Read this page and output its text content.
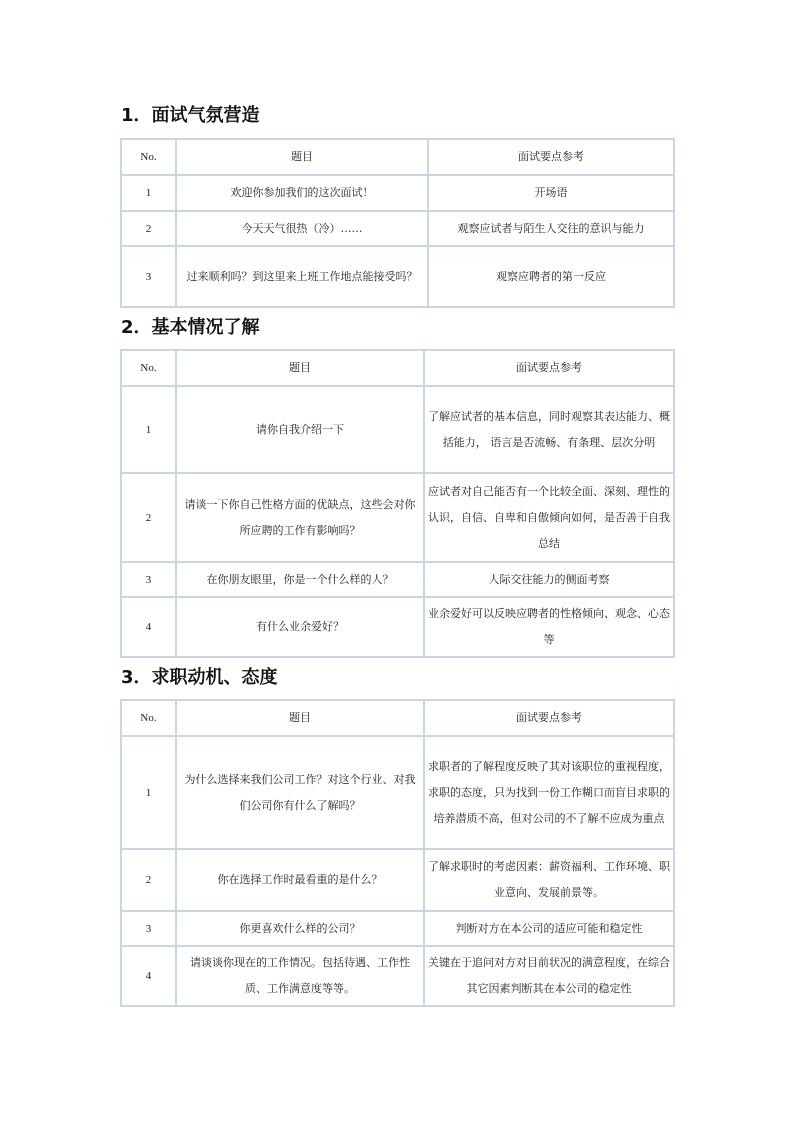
1．面试气氛营造
No.	题目	面试要点参考
1	欢迎你参加我们的这次面试！	开场语
2	今天天气很热（冷）……	观察应试者与陌生人交往的意识与能力
3	过来顺利吗？到这里来上班工作地点能接受吗？	观察应聘者的第一反应
2．基本情况了解
No.	题目	面试要点参考
1	请你自我介绍一下	了解应试者的基本信息，同时观察其表达能力、概括能力， 语言是否流畅、有条理、层次分明
2	请谈一下你自己性格方面的优缺点，这些会对你所应聘的工作有影响吗？	应试者对自己能否有一个比较全面、深刻、理性的认识，自信、自卑和自傲倾向如何，是否善于自我总结
3	在你朋友眼里，你是一个什么样的人？	人际交往能力的侧面考察
4	有什么业余爱好？	业余爱好可以反映应聘者的性格倾向、观念、心态等
3．求职动机、态度
No.	题目	面试要点参考
1	为什么选择来我们公司工作？对这个行业、对我们公司你有什么了解吗？	求职者的了解程度反映了其对该职位的重视程度，求职的态度，只为找到一份工作糊口而盲目求职的培养潜质不高，但对公司的不了解不应成为重点
2	你在选择工作时最看重的是什么？	了解求职时的考虑因素：薪资福利、工作环境、职业意向、发展前景等。
3	你更喜欢什么样的公司？	判断对方在本公司的适应可能和稳定性
4	请谈谈你现在的工作情况。包括待遇、工作性质、工作满意度等等。	关键在于追问对方对目前状况的满意程度，在综合其它因素判断其在本公司的稳定性
